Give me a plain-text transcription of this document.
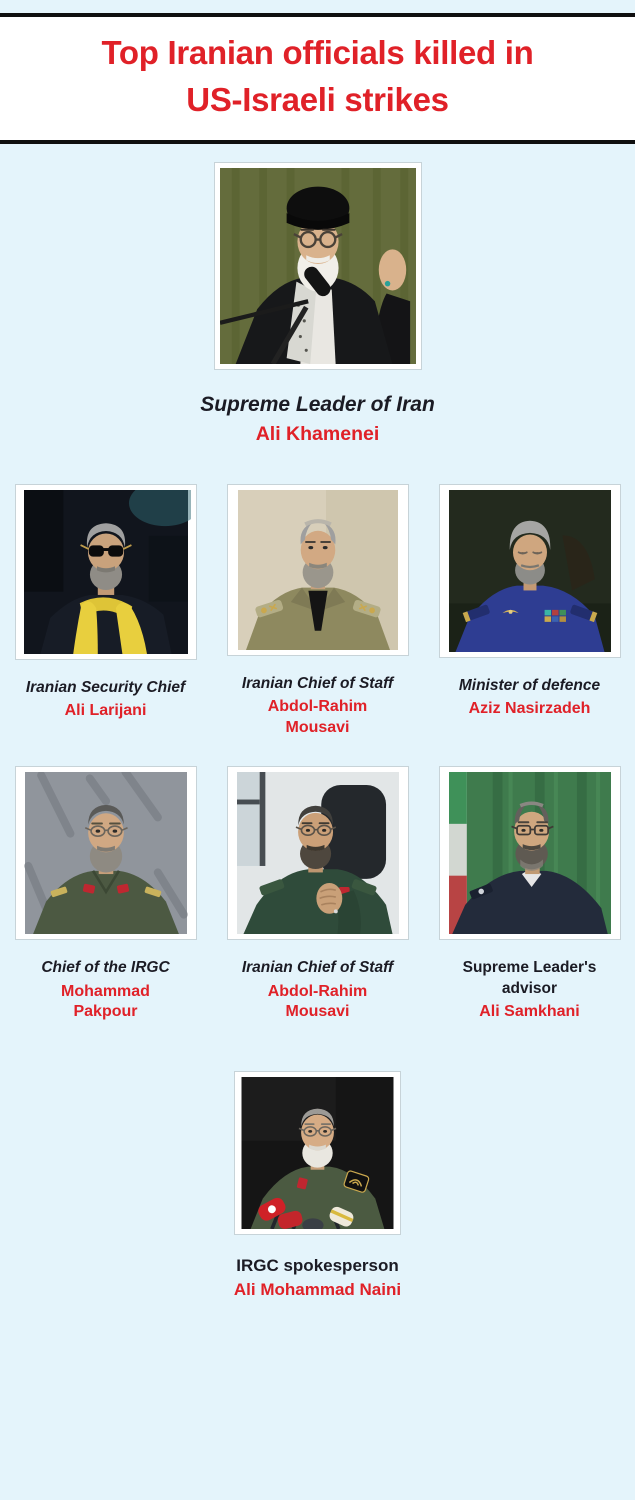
Top Iranian officials killed in
US-Israeli strikes
Supreme Leader of Iran
Ali Khamenei
Iranian Security Chief
Ali Larijani
Iranian Chief of Staff
Abdol-Rahim Mousavi
Minister of defence
Aziz Nasirzadeh
Chief of the IRGC
Mohammad Pakpour
Iranian Chief of Staff
Abdol-Rahim Mousavi
Supreme Leader's advisor
Ali Samkhani
IRGC spokesperson
Ali Mohammad Naini
